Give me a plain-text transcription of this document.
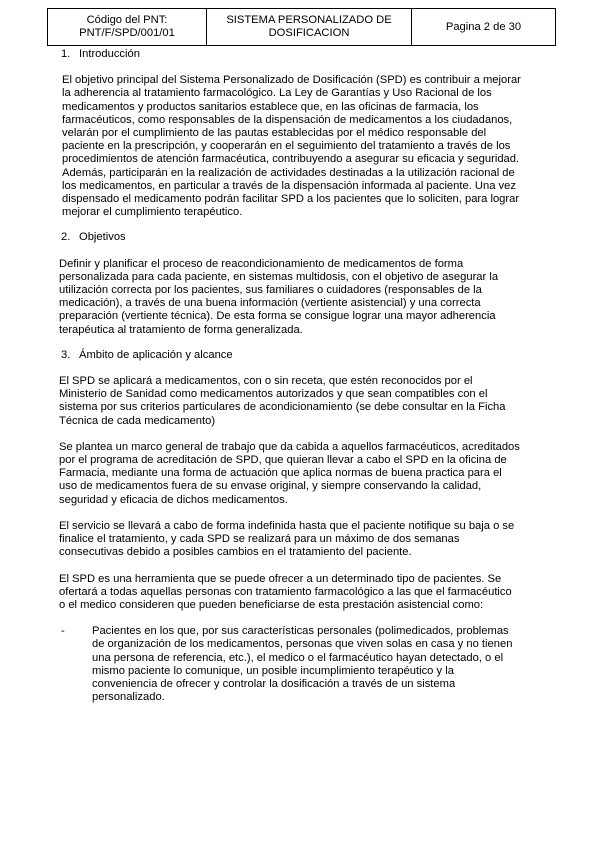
Código del PNT:
PNT/F/SPD/001/01

SISTEMA PERSONALIZADO DE
DOSIFICACION
	Pagina 2 de 30
1. Introducción

El objetivo principal del Sistema Personalizado de Dosificación (SPD) es contribuir a mejorar la adherencia al tratamiento farmacológico. La Ley de Garantías y Uso Racional de los medicamentos y productos sanitarios establece que, en las oficinas de farmacia, los farmacéuticos, como responsables de la dispensación de medicamentos a los ciudadanos, velarán por el cumplimiento de las pautas establecidas por el médico responsable del paciente en la prescripción, y cooperarán en el seguimiento del tratamiento a través de los procedimientos de atención farmacéutica, contribuyendo a asegurar su eficacia y seguridad. Además, participarán en la realización de actividades destinadas a la utilización racional de los medicamentos, en particular a través de la dispensación informada al paciente. Una vez dispensado el medicamento podrán facilitar SPD a los pacientes que lo soliciten, para lograr mejorar el cumplimiento terapéutico.

2. Objetivos

Definir y planificar el proceso de reacondicionamiento de medicamentos de forma personalizada para cada paciente, en sistemas multidosis, con el objetivo de asegurar la utilización correcta por los pacientes, sus familiares o cuidadores (responsables de la medicación), a través de una buena información (vertiente asistencial) y una correcta preparación (vertiente técnica). De esta forma se consigue lograr una mayor adherencia terapéutica al tratamiento de forma generalizada.

3. Ámbito de aplicación y alcance

El SPD se aplicará a medicamentos, con o sin receta, que estén reconocidos por el Ministerio de Sanidad como medicamentos autorizados y que sean compatibles con el sistema por sus criterios particulares de acondicionamiento (se debe consultar en la Ficha Técnica de cada medicamento)

Se plantea un marco general de trabajo que da cabida a aquellos farmacéuticos, acreditados por el programa de acreditación de SPD, que quieran llevar a cabo el SPD en la oficina de Farmacia, mediante una forma de actuación que aplica normas de buena practica para el uso de medicamentos fuera de su envase original, y siempre conservando la calidad, seguridad y eficacia de dichos medicamentos.

El servicio se llevará a cabo de forma indefinida hasta que el paciente notifique su baja o se finalice el tratamiento, y cada SPD se realizará para un máximo de dos semanas consecutivas debido a posibles cambios en el tratamiento del paciente.

El SPD es una herramienta que se puede ofrecer a un determinado tipo de pacientes. Se ofertará a todas aquellas personas con tratamiento farmacológico a las que el farmacéutico o el medico consideren que pueden beneficiarse de esta prestación asistencial como:

-	Pacientes en los que, por sus características personales (polimedicados, problemas de organización de los medicamentos, personas que viven solas en casa y no tienen una persona de referencia, etc.), el medico o el farmacéutico hayan detectado, o el mismo paciente lo comunique, un posible incumplimiento terapéutico y la conveniencia de ofrecer y controlar la dosificación a través de un sistema personalizado.
